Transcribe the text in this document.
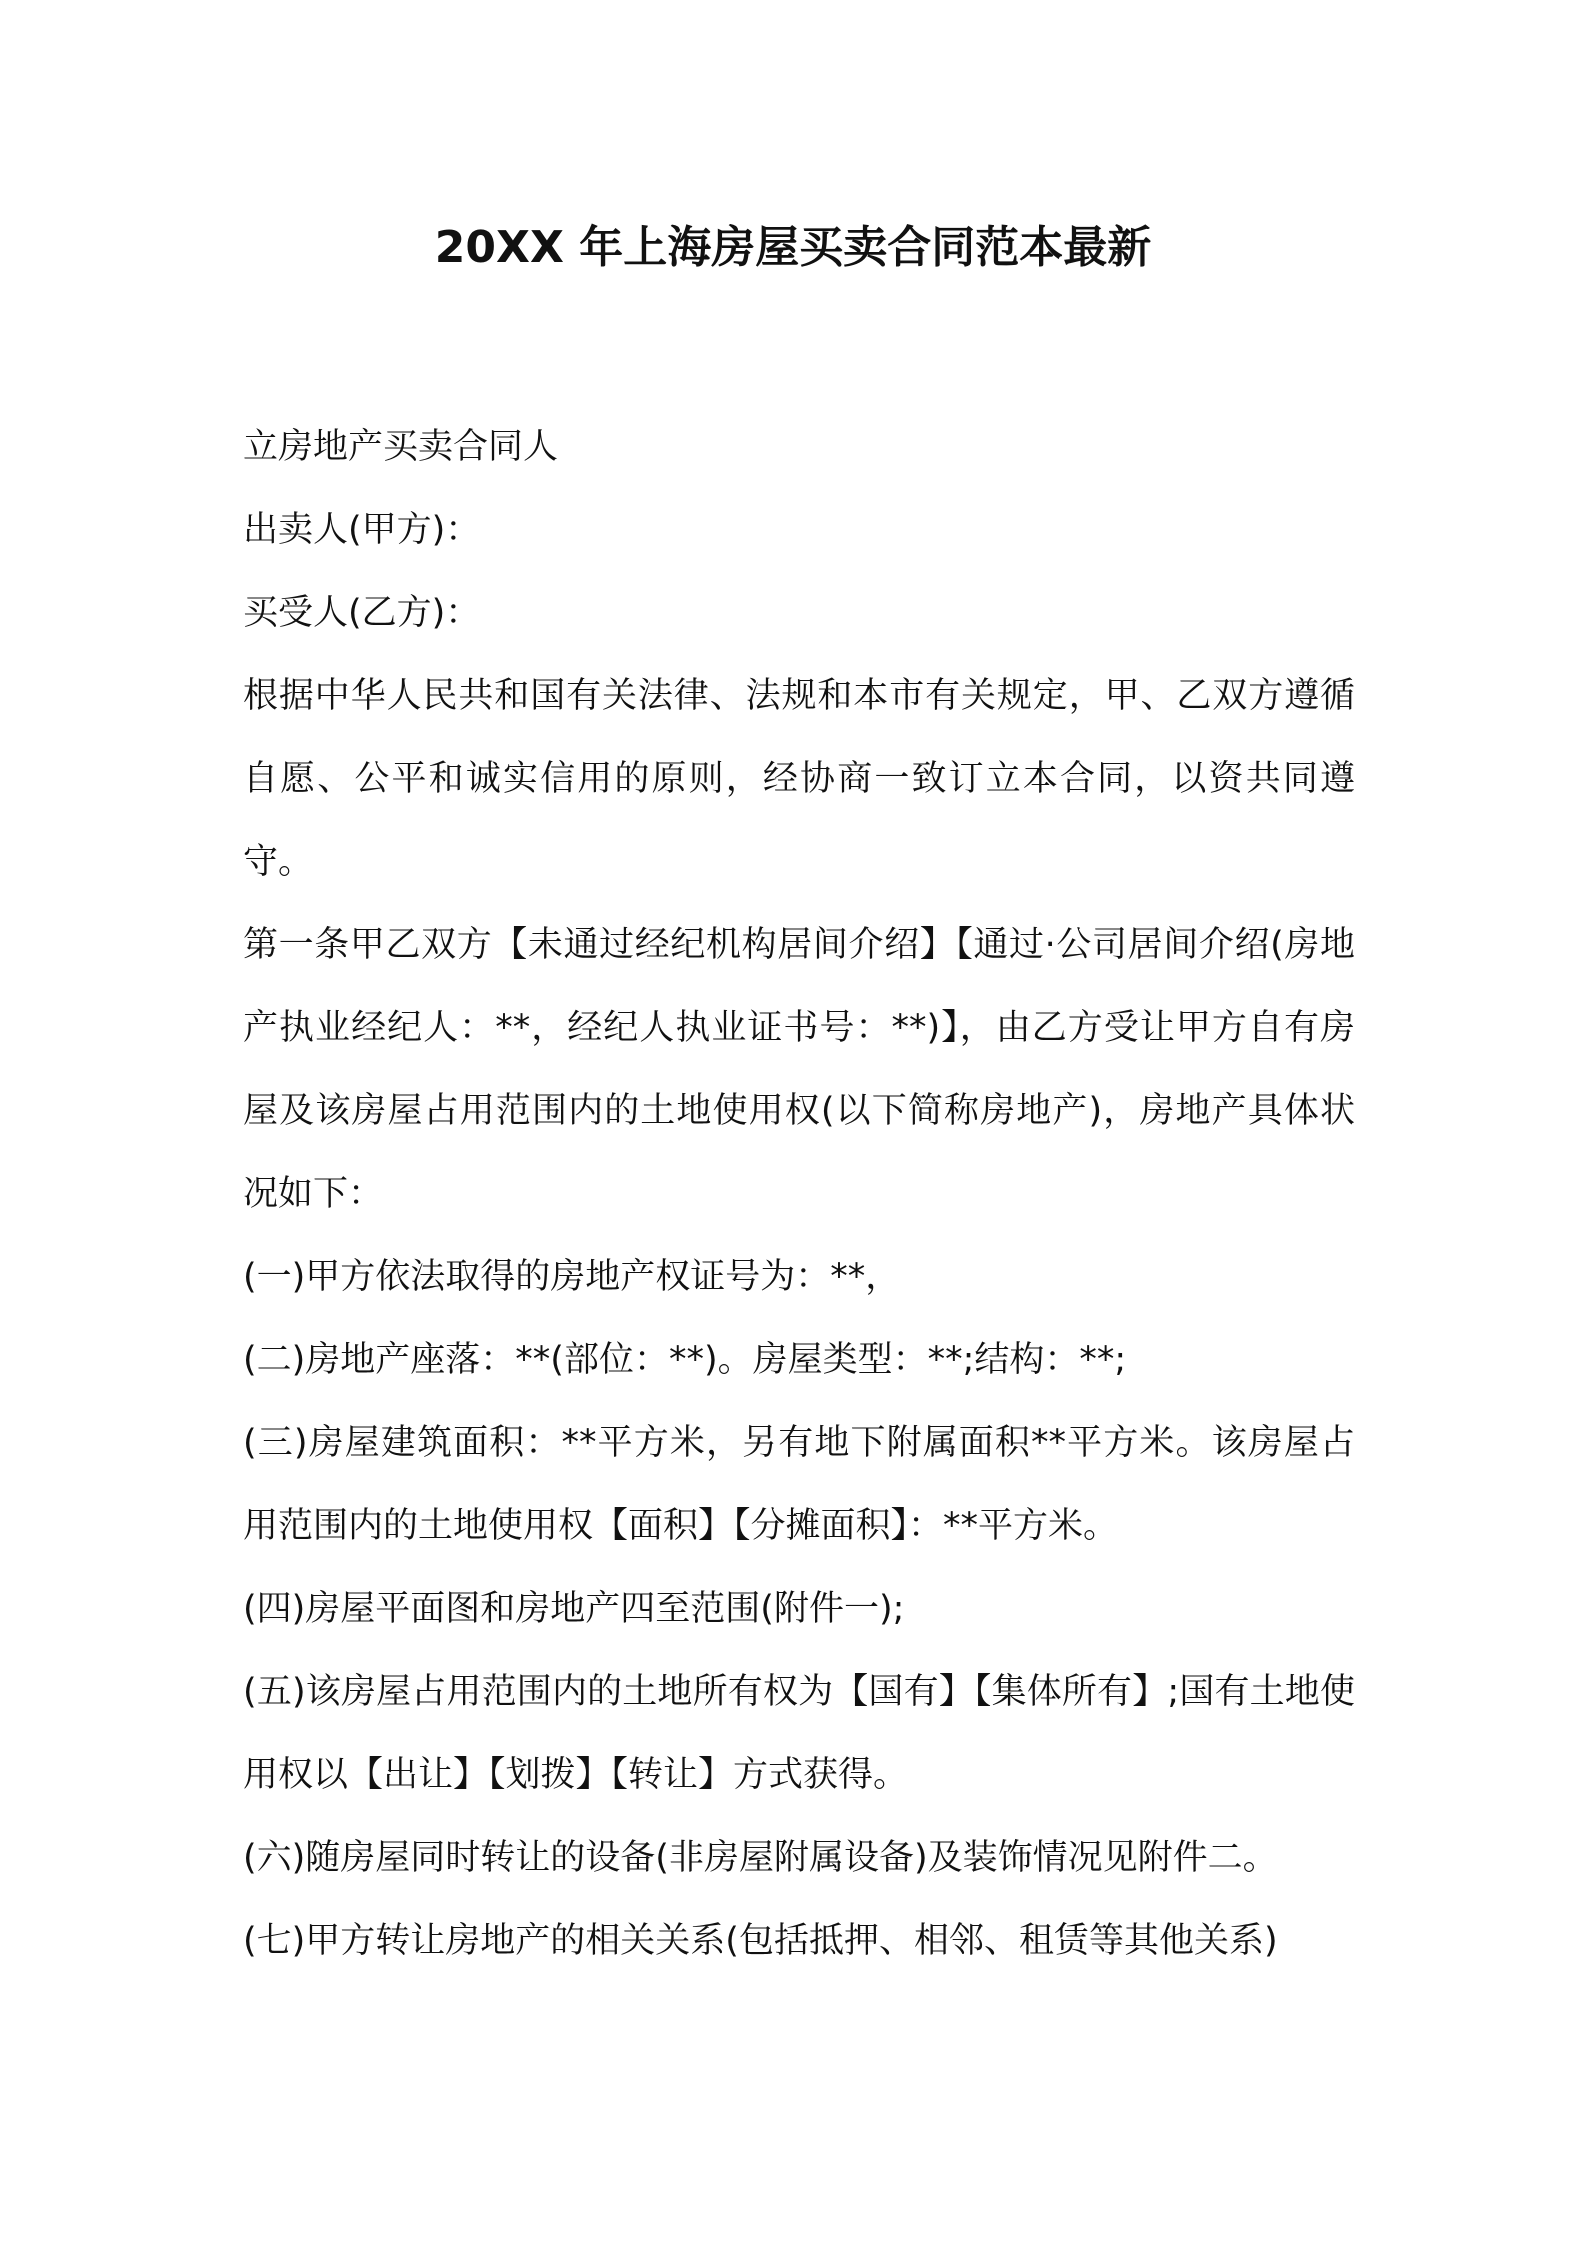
20XX 年上海房屋买卖合同范本最新

立房地产买卖合同人

出卖人(甲方)：

买受人(乙方)：

根据中华人民共和国有关法律、法规和本市有关规定，甲、乙双方遵循自愿、公平和诚实信用的原则，经协商一致订立本合同，以资共同遵守。

第一条甲乙双方【未通过经纪机构居间介绍】【通过·公司居间介绍(房地产执业经纪人：**，经纪人执业证书号：**)】，由乙方受让甲方自有房屋及该房屋占用范围内的土地使用权(以下简称房地产)，房地产具体状况如下：

(一)甲方依法取得的房地产权证号为：**，

(二)房地产座落：**(部位：**)。房屋类型：**;结构：**;

(三)房屋建筑面积：**平方米，另有地下附属面积**平方米。该房屋占用范围内的土地使用权【面积】【分摊面积】：**平方米。

(四)房屋平面图和房地产四至范围(附件一);

(五)该房屋占用范围内的土地所有权为【国有】【集体所有】;国有土地使用权以【出让】【划拨】【转让】方式获得。

(六)随房屋同时转让的设备(非房屋附属设备)及装饰情况见附件二。

(七)甲方转让房地产的相关关系(包括抵押、相邻、租赁等其他关系)
